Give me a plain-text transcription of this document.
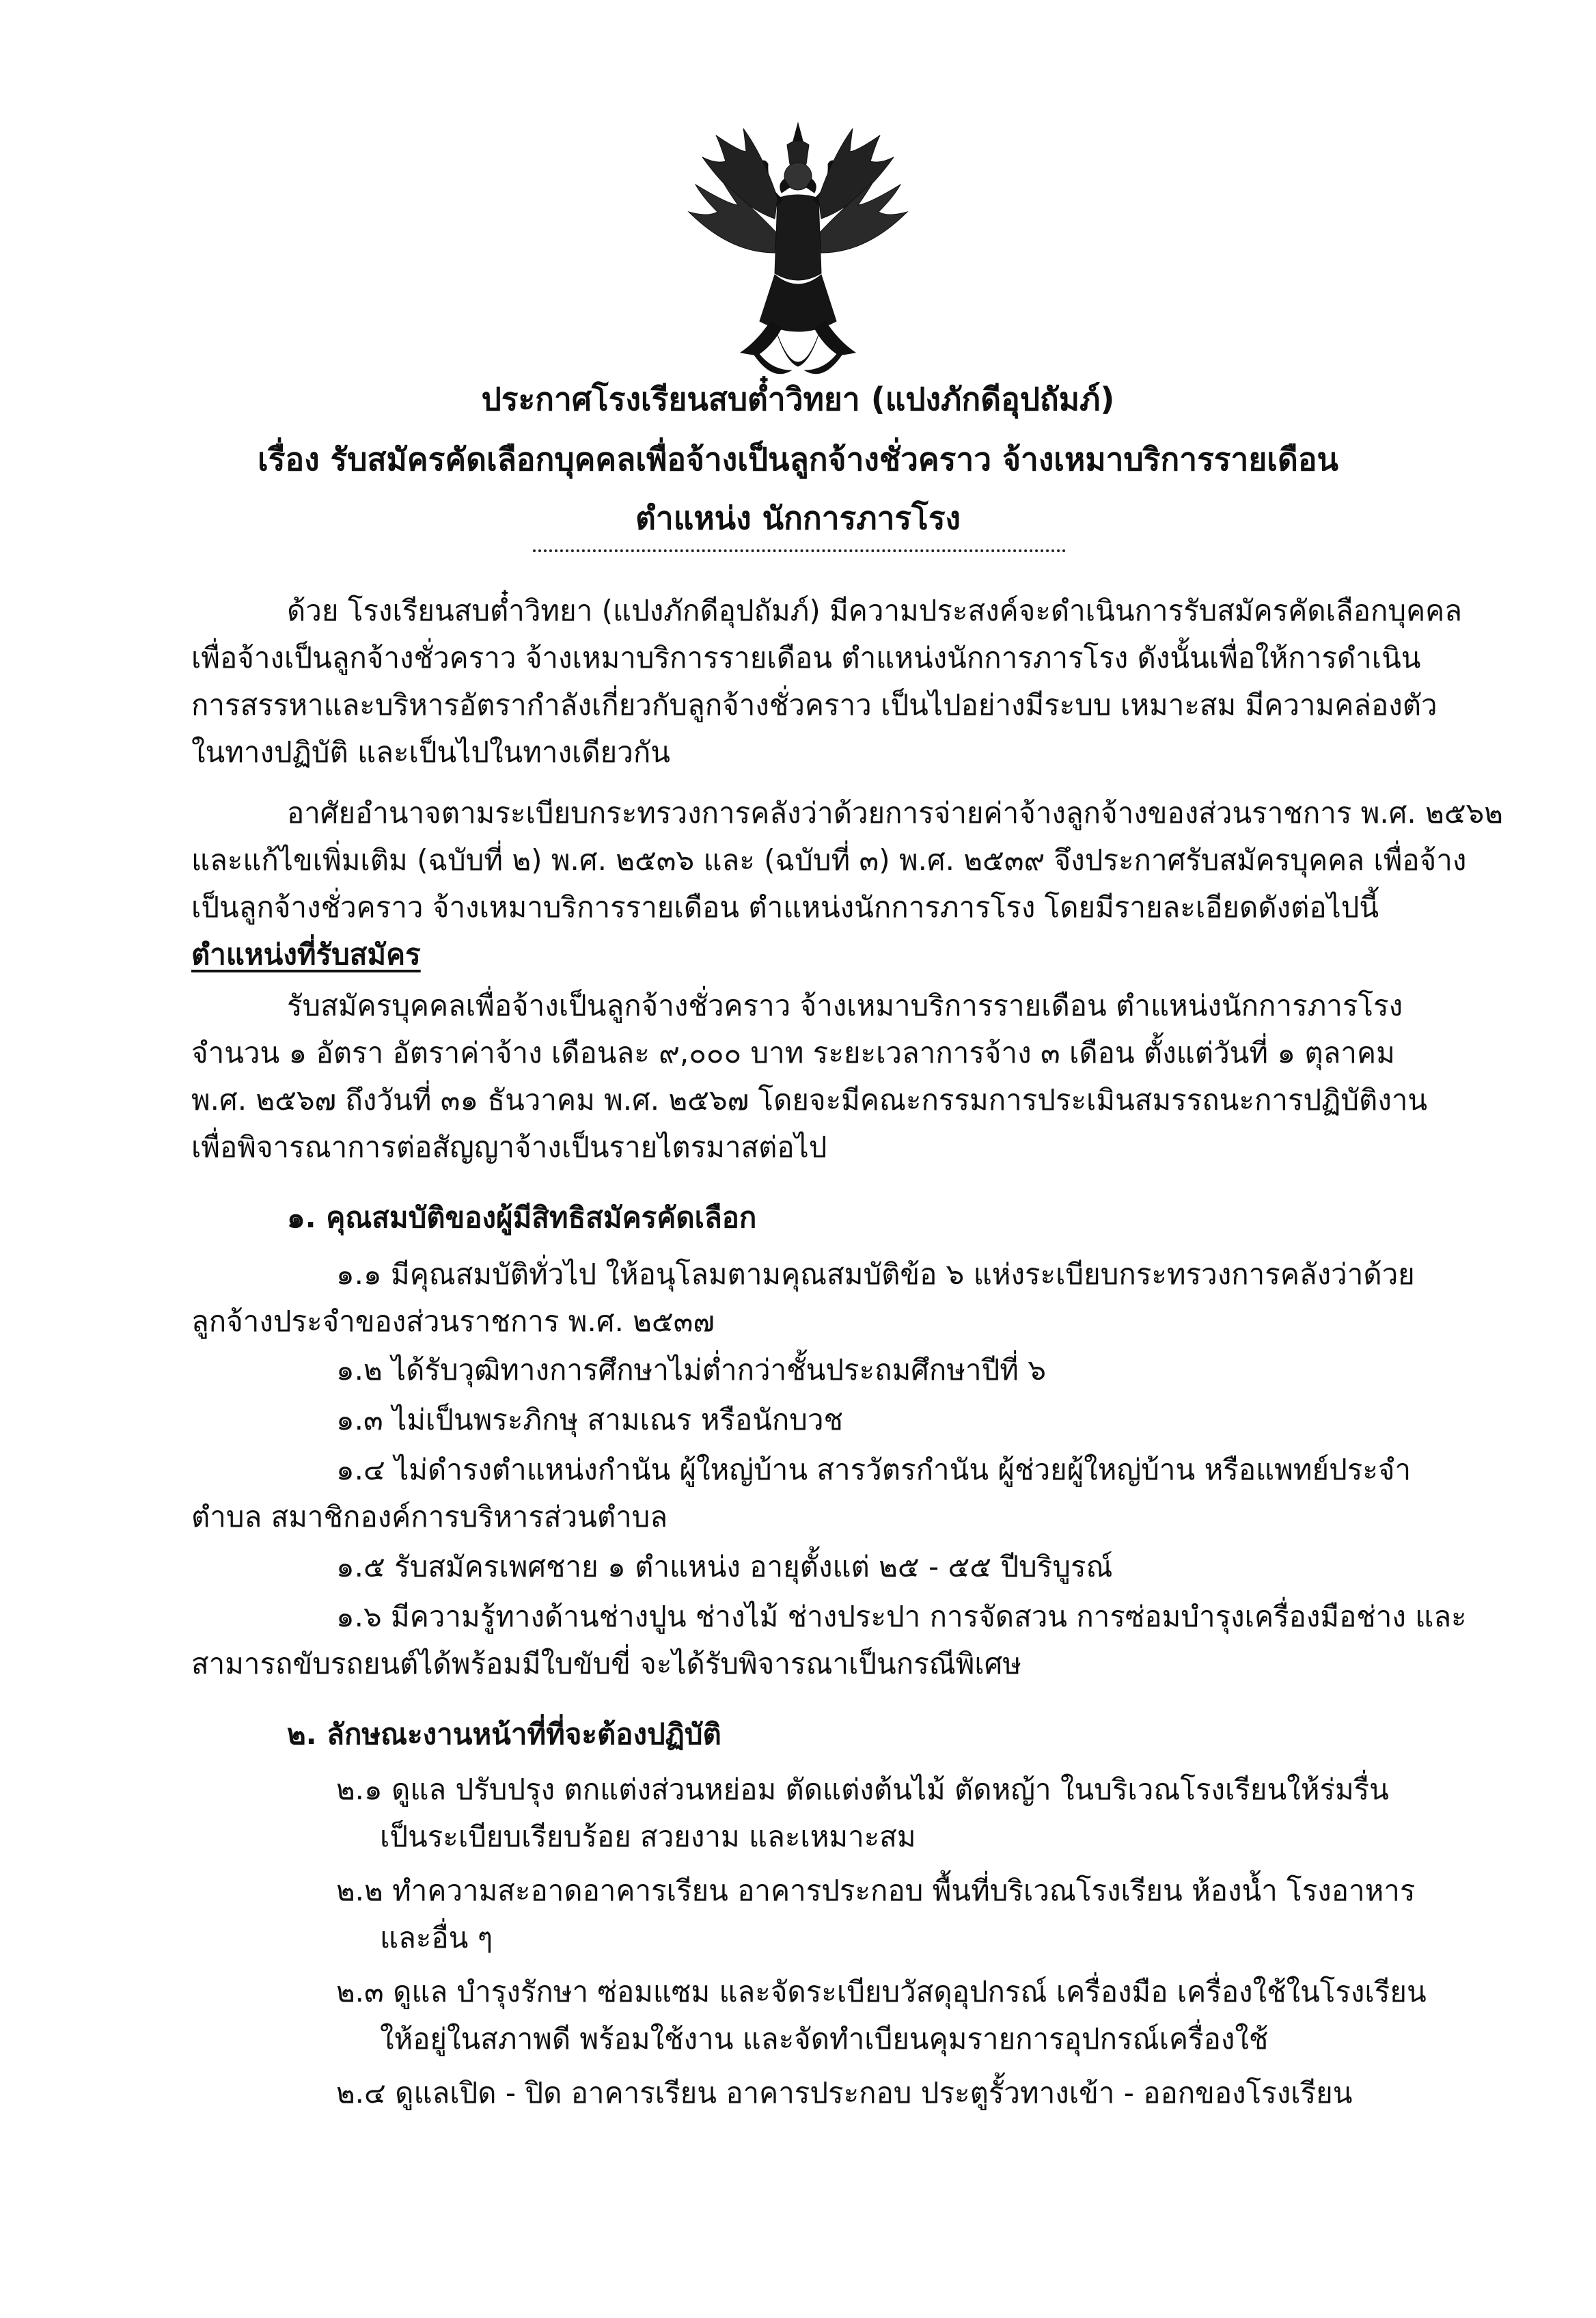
ประกาศโรงเรียนสบต๋ำวิทยา (แปงภักดีอุปถัมภ์)
เรื่อง รับสมัครคัดเลือกบุคคลเพื่อจ้างเป็นลูกจ้างชั่วคราว จ้างเหมาบริการรายเดือน
ตำแหน่ง นักการภารโรง
ด้วย โรงเรียนสบต๋ำวิทยา (แปงภักดีอุปถัมภ์) มีความประสงค์จะดำเนินการรับสมัครคัดเลือกบุคคล
เพื่อจ้างเป็นลูกจ้างชั่วคราว จ้างเหมาบริการรายเดือน ตำแหน่งนักการภารโรง ดังนั้นเพื่อให้การดำเนิน
การสรรหาและบริหารอัตรากำลังเกี่ยวกับลูกจ้างชั่วคราว เป็นไปอย่างมีระบบ เหมาะสม มีความคล่องตัว
ในทางปฏิบัติ และเป็นไปในทางเดียวกัน
อาศัยอำนาจตามระเบียบกระทรวงการคลังว่าด้วยการจ่ายค่าจ้างลูกจ้างของส่วนราชการ พ.ศ. ๒๕๖๒
และแก้ไขเพิ่มเติม (ฉบับที่ ๒) พ.ศ. ๒๕๓๖ และ (ฉบับที่ ๓) พ.ศ. ๒๕๓๙ จึงประกาศรับสมัครบุคคล เพื่อจ้าง
เป็นลูกจ้างชั่วคราว จ้างเหมาบริการรายเดือน ตำแหน่งนักการภารโรง โดยมีรายละเอียดดังต่อไปนี้
ตำแหน่งที่รับสมัคร
รับสมัครบุคคลเพื่อจ้างเป็นลูกจ้างชั่วคราว จ้างเหมาบริการรายเดือน ตำแหน่งนักการภารโรง
จำนวน ๑ อัตรา อัตราค่าจ้าง เดือนละ ๙,๐๐๐ บาท ระยะเวลาการจ้าง ๓ เดือน ตั้งแต่วันที่ ๑ ตุลาคม
พ.ศ. ๒๕๖๗ ถึงวันที่ ๓๑ ธันวาคม พ.ศ. ๒๕๖๗ โดยจะมีคณะกรรมการประเมินสมรรถนะการปฏิบัติงาน
เพื่อพิจารณาการต่อสัญญาจ้างเป็นรายไตรมาสต่อไป
๑. คุณสมบัติของผู้มีสิทธิสมัครคัดเลือก
๑.๑ มีคุณสมบัติทั่วไป ให้อนุโลมตามคุณสมบัติข้อ ๖ แห่งระเบียบกระทรวงการคลังว่าด้วย
ลูกจ้างประจำของส่วนราชการ พ.ศ. ๒๕๓๗
๑.๒ ได้รับวุฒิทางการศึกษาไม่ต่ำกว่าชั้นประถมศึกษาปีที่ ๖
๑.๓ ไม่เป็นพระภิกษุ สามเณร หรือนักบวช
๑.๔ ไม่ดำรงตำแหน่งกำนัน ผู้ใหญ่บ้าน สารวัตรกำนัน ผู้ช่วยผู้ใหญ่บ้าน หรือแพทย์ประจำ
ตำบล สมาชิกองค์การบริหารส่วนตำบล
๑.๕ รับสมัครเพศชาย ๑ ตำแหน่ง อายุตั้งแต่ ๒๕ - ๕๕ ปีบริบูรณ์
๑.๖ มีความรู้ทางด้านช่างปูน ช่างไม้ ช่างประปา การจัดสวน การซ่อมบำรุงเครื่องมือช่าง และ
สามารถขับรถยนต์ได้พร้อมมีใบขับขี่ จะได้รับพิจารณาเป็นกรณีพิเศษ
๒. ลักษณะงานหน้าที่ที่จะต้องปฏิบัติ
๒.๑ ดูแล ปรับปรุง ตกแต่งส่วนหย่อม ตัดแต่งต้นไม้ ตัดหญ้า ในบริเวณโรงเรียนให้ร่มรื่น
เป็นระเบียบเรียบร้อย สวยงาม และเหมาะสม
๒.๒ ทำความสะอาดอาคารเรียน อาคารประกอบ พื้นที่บริเวณโรงเรียน ห้องน้ำ โรงอาหาร
และอื่น ๆ
๒.๓ ดูแล บำรุงรักษา ซ่อมแซม และจัดระเบียบวัสดุอุปกรณ์ เครื่องมือ เครื่องใช้ในโรงเรียน
ให้อยู่ในสภาพดี พร้อมใช้งาน และจัดทำเบียนคุมรายการอุปกรณ์เครื่องใช้
๒.๔ ดูแลเปิด - ปิด อาคารเรียน อาคารประกอบ ประตูรั้วทางเข้า - ออกของโรงเรียน
